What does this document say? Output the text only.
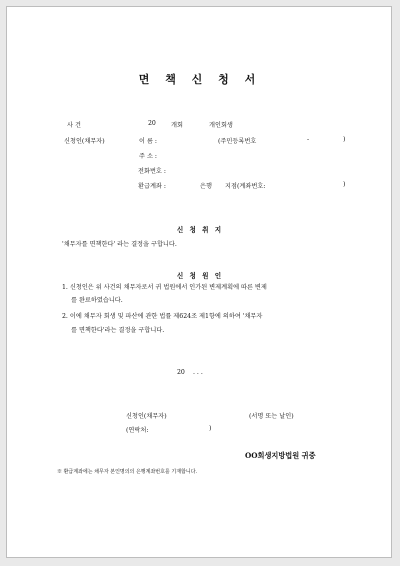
면 책 신 청 서
사 건	20 개회	개인회생
신청인(채무자)	이 름 :	(주민등록번호	-	)
주 소 :
전화번호 :
환급계좌 :	은행 지점(계좌번호:	)
신 청 취 지
'채무자를 면책한다' 라는 결정을 구합니다.
신 청 원 인
1. 신청인은 위 사건의 채무자로서 귀 법원에서 인가된 변제계획에 따른 변제
를 완료하였습니다.
2. 이에 채무자 회생 및 파산에 관한 법률 제624조 제1항에 의하여 '채무자
를 면책한다'라는 결정을 구합니다.
20 . . .
신청인(채무자)	(서명 또는 날인)
(연락처:	)
OO회생지방법원 귀중
※ 환급계좌에는 채무자 본인명의의 은행계좌번호를 기재합니다.
